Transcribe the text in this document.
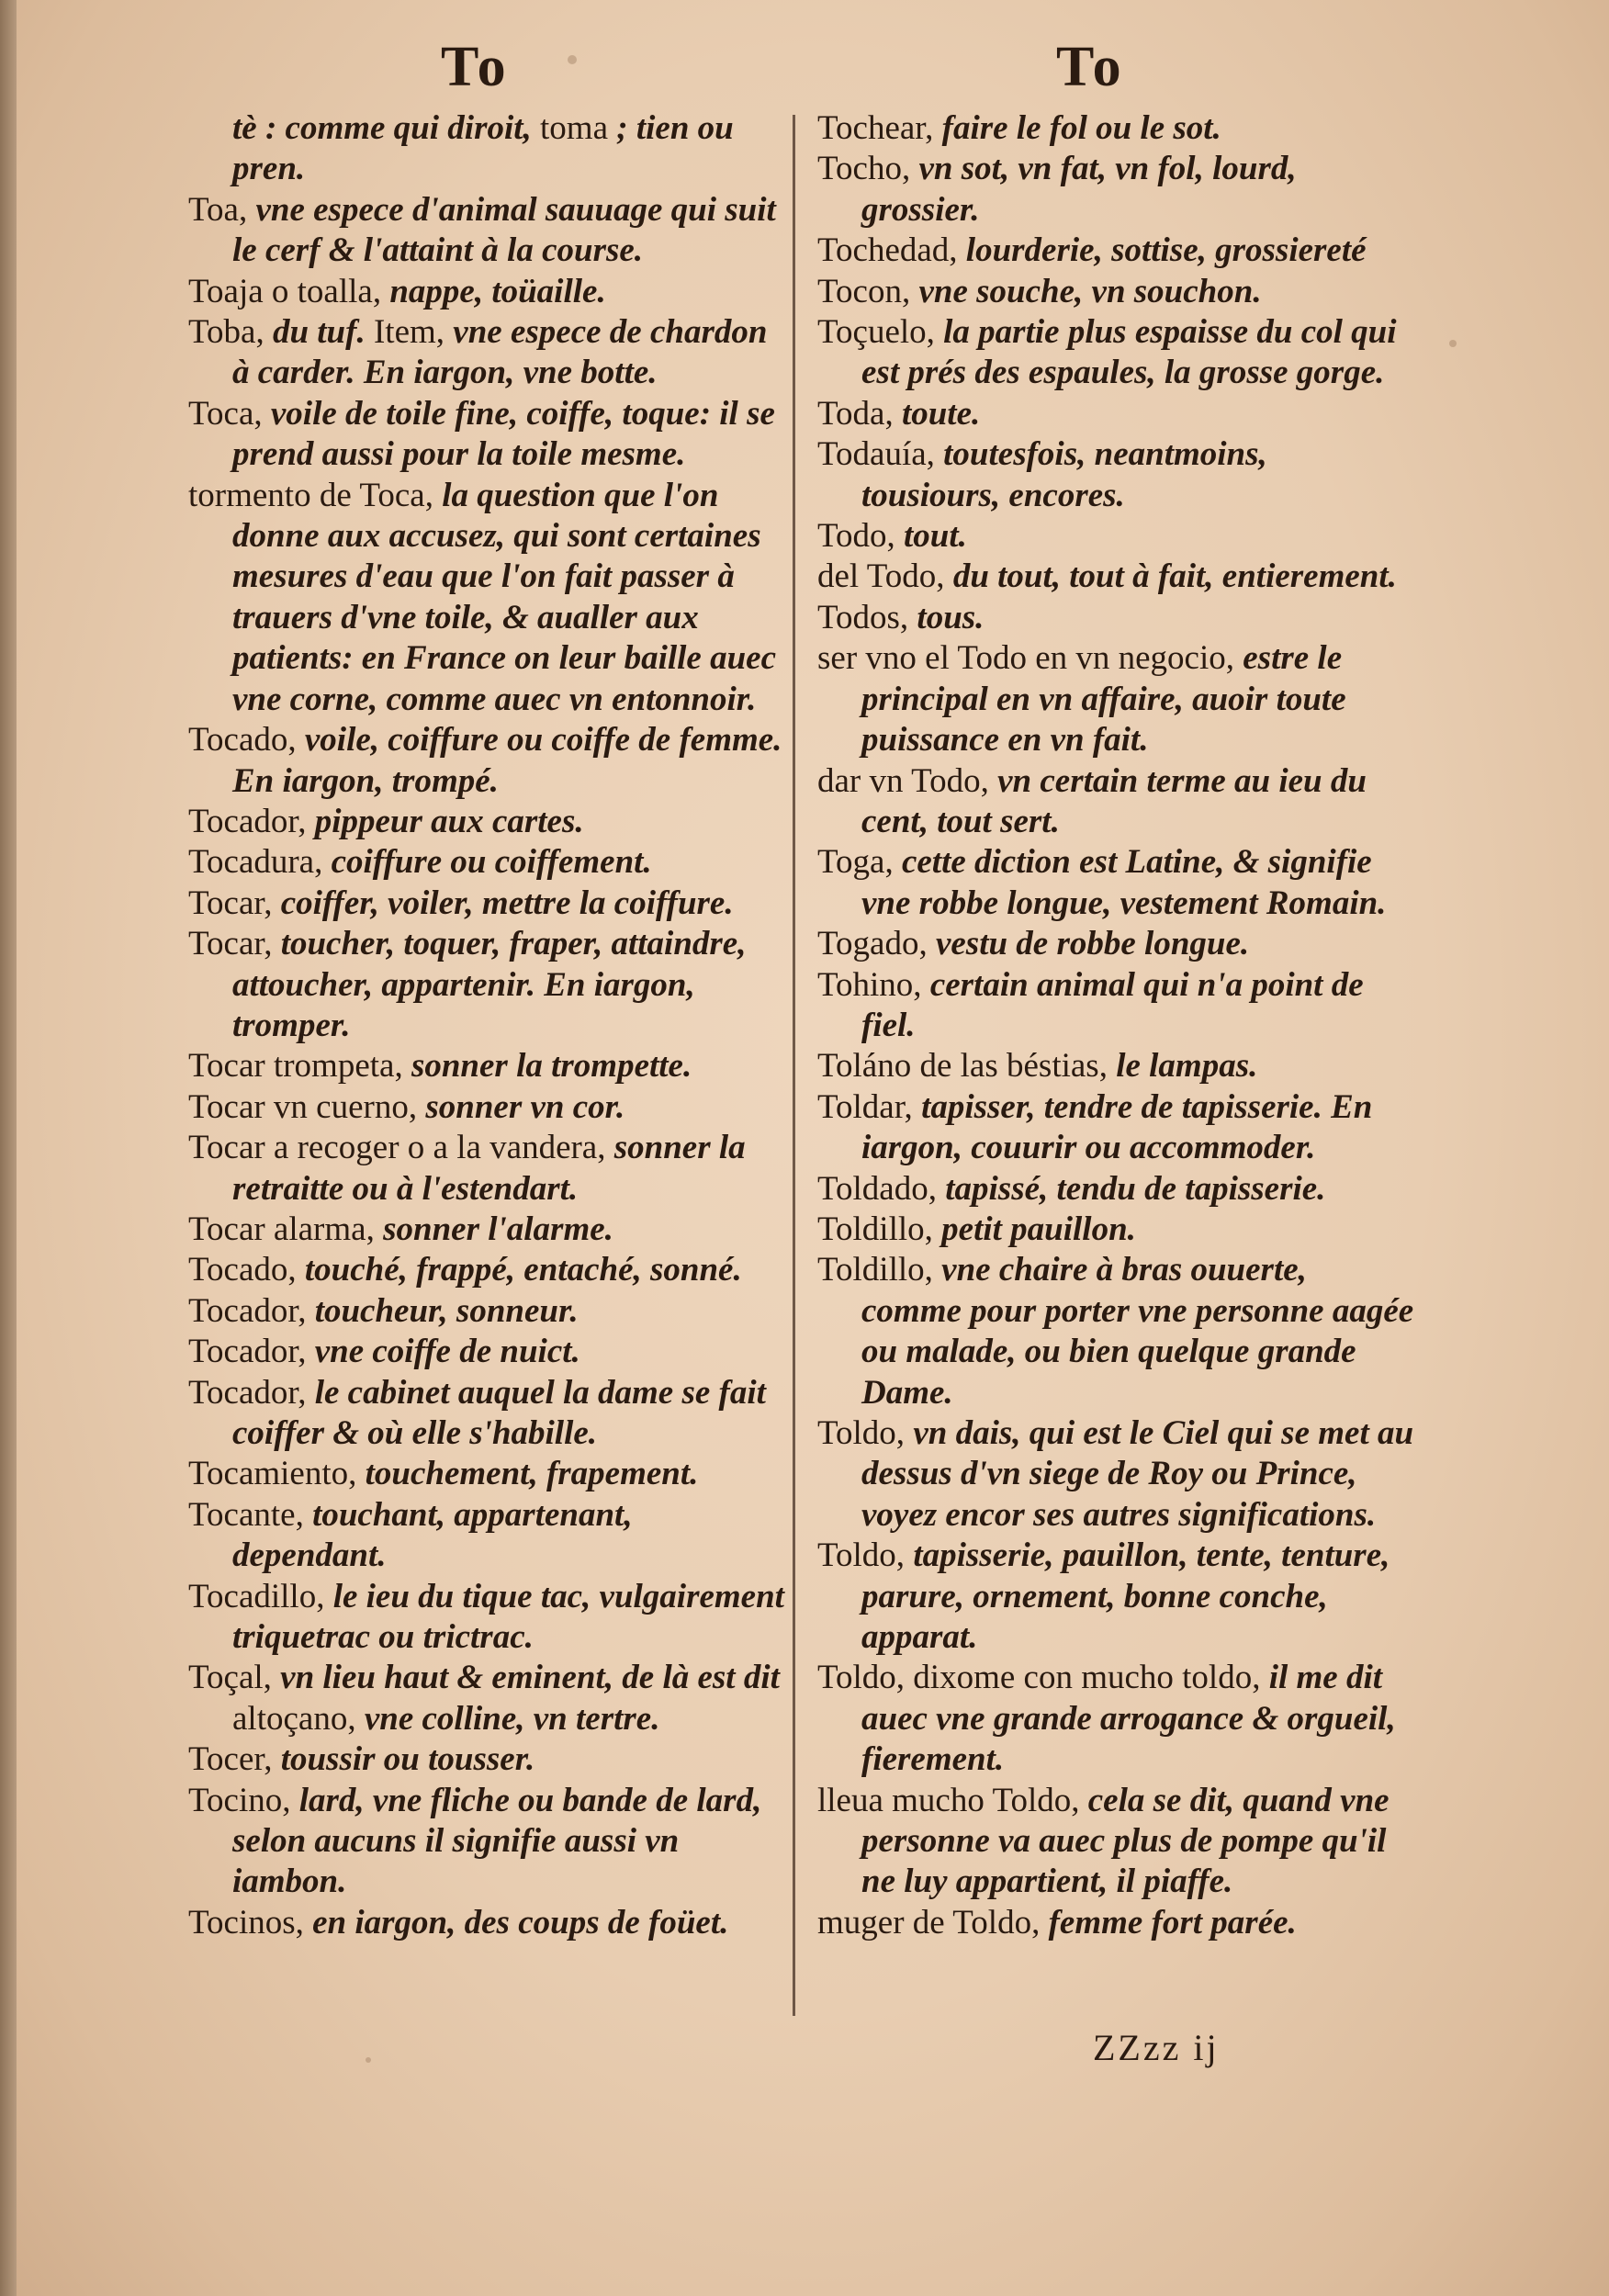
To	To

tè : comme qui diroit, toma ; tien ou pren.

Toa, vne espece d'animal sauuage qui suit le cerf & l'attaint à la course.

Toaja o toalla, nappe, toüaille.

Toba, du tuf. Item, vne espece de chardon à carder. En iargon, vne botte.

Toca, voile de toile fine, coiffe, toque: il se prend aussi pour la toile mesme.

tormento de Toca, la question que l'on donne aux accusez, qui sont certaines mesures d'eau que l'on fait passer à trauers d'vne toile, & aualler aux patients: en France on leur baille auec vne corne, comme auec vn entonnoir.

Tocado, voile, coiffure ou coiffe de femme. En iargon, trompé.

Tocador, pippeur aux cartes.

Tocadura, coiffure ou coiffement.

Tocar, coiffer, voiler, mettre la coiffure.

Tocar, toucher, toquer, fraper, attaindre, attoucher, appartenir. En iargon, tromper.

Tocar trompeta, sonner la trompette.

Tocar vn cuerno, sonner vn cor.

Tocar a recoger o a la vandera, sonner la retraitte ou à l'estendart.

Tocar alarma, sonner l'alarme.

Tocado, touché, frappé, entaché, sonné.

Tocador, toucheur, sonneur.

Tocador, vne coiffe de nuict.

Tocador, le cabinet auquel la dame se fait coiffer & où elle s'habille.

Tocamiento, touchement, frapement.

Tocante, touchant, appartenant, dependant.

Tocadillo, le ieu du tique tac, vulgairement triquetrac ou trictrac.

Toçal, vn lieu haut & eminent, de là est dit altoçano, vne colline, vn tertre.

Tocer, toussir ou tousser.

Tocino, lard, vne fliche ou bande de lard, selon aucuns il signifie aussi vn iambon.

Tocinos, en iargon, des coups de foüet.

Tochear, faire le fol ou le sot.

Tocho, vn sot, vn fat, vn fol, lourd, grossier.

Tochedad, lourderie, sottise, grossiereté

Tocon, vne souche, vn souchon.

Toçuelo, la partie plus espaisse du col qui est prés des espaules, la grosse gorge.

Toda, toute.

Todauía, toutesfois, neantmoins, tousiours, encores.

Todo, tout.

del Todo, du tout, tout à fait, entierement.

Todos, tous.

ser vno el Todo en vn negocio, estre le principal en vn affaire, auoir toute puissance en vn fait.

dar vn Todo, vn certain terme au ieu du cent, tout sert.

Toga, cette diction est Latine, & signifie vne robbe longue, vestement Romain.

Togado, vestu de robbe longue.

Tohino, certain animal qui n'a point de fiel.

Toláno de las béstias, le lampas.

Toldar, tapisser, tendre de tapisserie. En iargon, couurir ou accommoder.

Toldado, tapissé, tendu de tapisserie.

Toldillo, petit pauillon.

Toldillo, vne chaire à bras ouuerte, comme pour porter vne personne aagée ou malade, ou bien quelque grande Dame.

Toldo, vn dais, qui est le Ciel qui se met au dessus d'vn siege de Roy ou Prince, voyez encor ses autres significations.

Toldo, tapisserie, pauillon, tente, tenture, parure, ornement, bonne conche, apparat.

Toldo, dixome con mucho toldo, il me dit auec vne grande arrogance & orgueil, fierement.

lleua mucho Toldo, cela se dit, quand vne personne va auec plus de pompe qu'il ne luy appartient, il piaffe.

muger de Toldo, femme fort parée.

ZZzz ij
